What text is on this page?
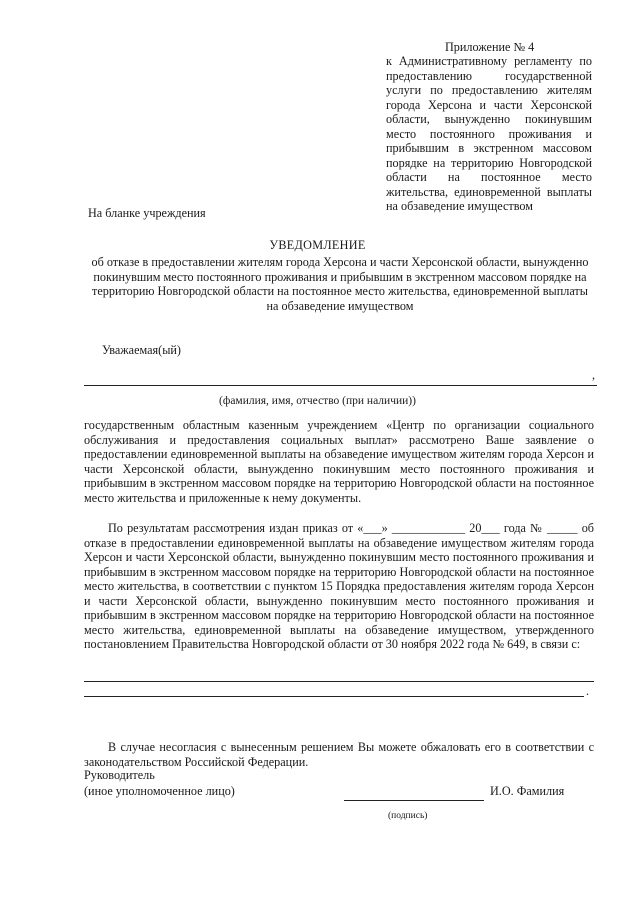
Приложение № 4
к Административному регламенту по предоставлению государственной услуги по предоставлению жителям города Херсона и части Херсонской области, вынужденно покинувшим место постоянного проживания и прибывшим в экстренном массовом порядке на территорию Новгородской области на постоянное место жительства, единовременной выплаты на обзаведение имуществом
На бланке учреждения
УВЕДОМЛЕНИЕ
об отказе в предоставлении жителям города Херсона и части Херсонской области, вынужденно покинувшим место постоянного проживания и прибывшим в экстренном массовом порядке на территорию Новгородской области на постоянное место жительства, единовременной выплаты на обзаведение имуществом
Уважаемая(ый)
,
(фамилия, имя, отчество (при наличии))
государственным областным казенным учреждением «Центр по организации социального обслуживания и предоставления социальных выплат» рассмотрено Ваше заявление о предоставлении единовременной выплаты на обзаведение имуществом жителям города Херсон и части Херсонской области, вынужденно покинувшим место постоянного проживания и прибывшим в экстренном массовом порядке на территорию Новгородской области на постоянное место жительства и приложенные к нему документы.
По результатам рассмотрения издан приказ от «___» ____________ 20___ года № _____ об отказе в предоставлении единовременной выплаты на обзаведение имуществом жителям города Херсон и части Херсонской области, вынужденно покинувшим место постоянного проживания и прибывшим в экстренном массовом порядке на территорию Новгородской области на постоянное место жительства, в соответствии с пунктом 15 Порядка предоставления жителям города Херсон и части Херсонской области, вынужденно покинувшим место постоянного проживания и прибывшим в экстренном массовом порядке на территорию Новгородской области на постоянное место жительства, единовременной выплаты на обзаведение имуществом, утвержденного постановлением Правительства Новгородской области от 30 ноября 2022 года № 649, в связи с:
.
В случае несогласия с вынесенным решением Вы можете обжаловать его в соответствии с законодательством Российской Федерации.
Руководитель
(иное уполномоченное лицо)	И.О. Фамилия
(подпись)
